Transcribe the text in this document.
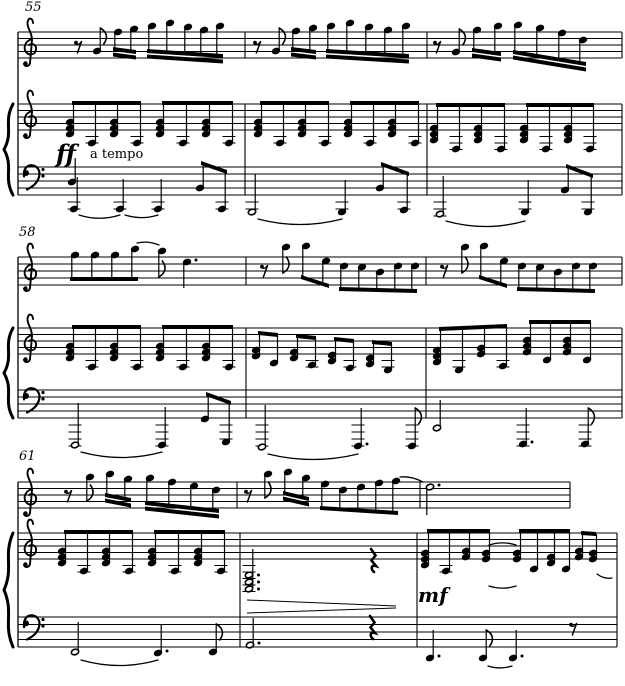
55
58
61
ff a tempo
mf
